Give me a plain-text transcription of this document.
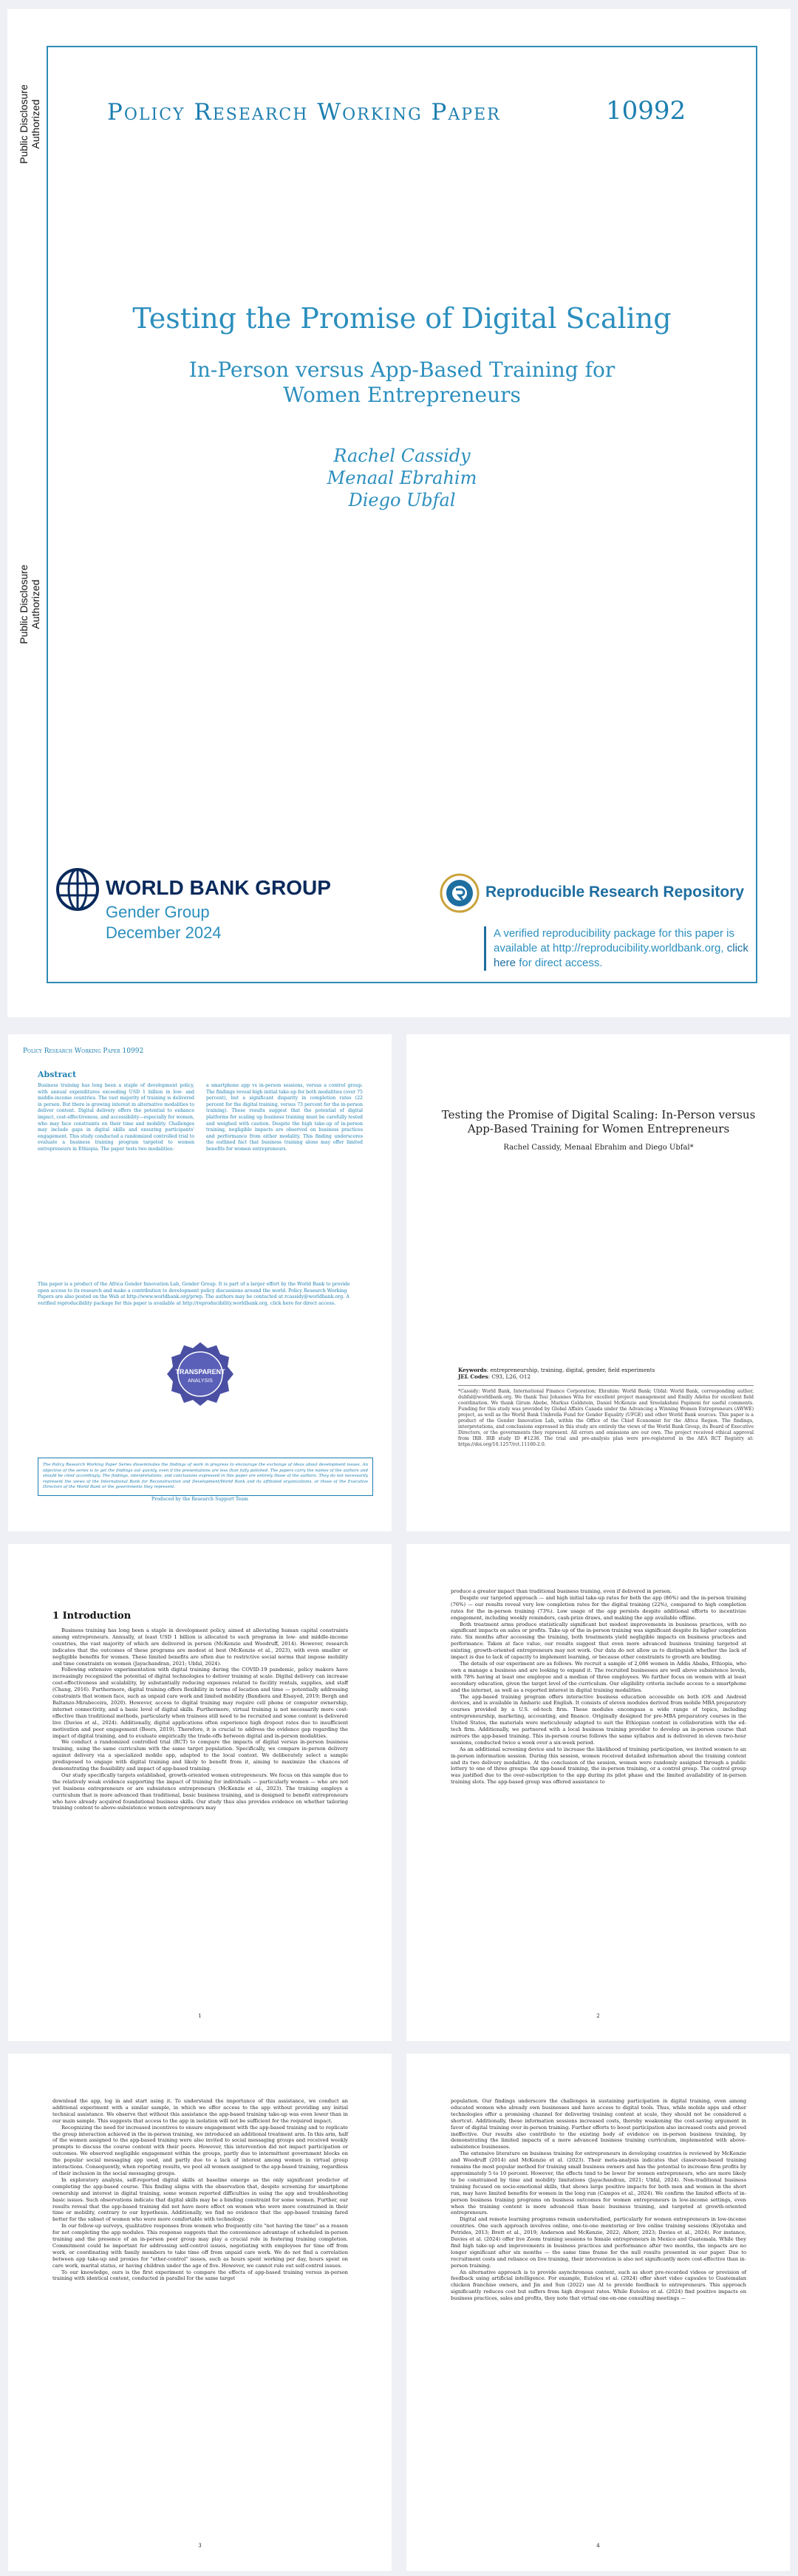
Public Disclosure Authorized
Public Disclosure Authorized
Policy Research Working Paper	10992
Testing the Promise of Digital Scaling
In-Person versus App-Based Training for Women Entrepreneurs
Rachel Cassidy
Menaal Ebrahim
Diego Ubfal
WORLD BANK GROUP
Gender Group
December 2024
Reproducible Research Repository
A verified reproducibility package for this paper is available at http://reproducibility.worldbank.org, click here for direct access.
Policy Research Working Paper 10992
Abstract
Business training has long been a staple of development policy, with annual expenditures exceeding USD 1 billion in low- and middle-income countries. The vast majority of training is delivered in person. But there is growing interest in alternative modalities to deliver content. Digital delivery offers the potential to enhance impact, cost-effectiveness, and accessibility—especially for women, who may face constraints on their time and mobility. Challenges may include gaps in digital skills and ensuring participants' engagement. This study conducted a randomized controlled trial to evaluate a business training program targeted to women entrepreneurs in Ethiopia. The paper tests two modalities:
a smartphone app vs in-person sessions, versus a control group. The findings reveal high initial take-up for both modalities (over 75 percent), but a significant disparity in completion rates (22 percent for the digital training, versus 73 percent for the in-person training). These results suggest that the potential of digital platforms for scaling up business training must be carefully tested and weighed with caution. Despite the high take-up of in-person training, negligible impacts are observed on business practices and performance from either modality. This finding underscores the outlined fact that business training alone may offer limited benefits for women entrepreneurs.
This paper is a product of the Africa Gender Innovation Lab, Gender Group. It is part of a larger effort by the World Bank to provide open access to its research and make a contribution to development policy discussions around the world. Policy Research Working Papers are also posted on the Web at http://www.worldbank.org/prwp. The authors may be contacted at rcassidy@worldbank.org. A verified reproducibility package for this paper is available at http://reproducibility.worldbank.org, click here for direct access.
TRANSPARENT
ANALYSIS
The Policy Research Working Paper Series disseminates the findings of work in progress to encourage the exchange of ideas about development issues. An objective of the series is to get the findings out quickly, even if the presentations are less than fully polished. The papers carry the names of the authors and should be cited accordingly. The findings, interpretations, and conclusions expressed in this paper are entirely those of the authors. They do not necessarily represent the views of the International Bank for Reconstruction and Development/World Bank and its affiliated organizations, or those of the Executive Directors of the World Bank or the governments they represent.
Produced by the Research Support Team
Testing the Promise of Digital Scaling: In-Person versus App-Based Training for Women Entrepreneurs
Rachel Cassidy, Menaal Ebrahim and Diego Ubfal*
Keywords: entrepreneurship, training, digital, gender, field experiments
JEL Codes: C93, L26, O12
*Cassidy: World Bank, International Finance Corporation; Ebrahim: World Bank; Ubfal: World Bank, corresponding author, dubfal@worldbank.org. We thank Tsui Johannes Wita for excellent project management and Emilly Adelus for excellent field coordination. We thank Girum Abebe, Markus Goldstein, Daniel McKenzie and Sreelakshmi Papineni for useful comments. Funding for this study was provided by Global Affairs Canada under the Advancing a Winning Women Entrepreneurs (AWWE) project, as well as the World Bank Umbrella Fund for Gender Equality (UFGE) and other World Bank sources. This paper is a product of the Gender Innovation Lab, within the Office of the Chief Economist for the Africa Region. The findings, interpretations, and conclusions expressed in this study are entirely the views of the World Bank Group, its Board of Executive Directors, or the governments they represent. All errors and omissions are our own. The project received ethical approval from IRB. IRB study ID #1238. The trial and pre-analysis plan were pre-registered in the AEA RCT Registry at: https://doi.org/10.1257/rct.11160-2.0.
1 Introduction

Business training has long been a staple in development policy, aimed at alleviating human capital constraints among entrepreneurs. Annually, at least USD 1 billion is allocated to such programs in low- and middle-income countries, the vast majority of which are delivered in person (McKenzie and Woodruff, 2014). However, research indicates that the outcomes of these programs are modest at best (McKenzie et al., 2023), with even smaller or negligible benefits for women. These limited benefits are often due to restrictive social norms that impose mobility and time constraints on women (Jayachandran, 2021; Ubfal, 2024).

Following extensive experimentation with digital training during the COVID-19 pandemic, policy makers have increasingly recognized the potential of digital technologies to deliver training at scale. Digital delivery can increase cost-effectiveness and scalability, by substantially reducing expenses related to facility rentals, supplies, and staff (Chang, 2016). Furthermore, digital training offers flexibility in terms of location and time — potentially addressing constraints that women face, such as unpaid care work and limited mobility (Bandiera and Elsayed, 2019; Bergh and Baltanzo-Mirabeceira, 2020). However, access to digital training may require cell phone or computer ownership, internet connectivity, and a basic level of digital skills. Furthermore, virtual training is not necessarily more cost-effective than traditional methods, particularly when trainees still need to be recruited and some content is delivered live (Davies et al., 2024). Additionally, digital applications often experience high dropout rates due to insufficient motivation and peer engagement (Beers, 2019). Therefore, it is crucial to address the evidence gap regarding the impact of digital training, and to evaluate empirically the trade-offs between digital and in-person modalities.

We conduct a randomized controlled trial (RCT) to compare the impacts of digital versus in-person business training, using the same curriculum with the same target population. Specifically, we compare in-person delivery against delivery via a specialized mobile app, adapted to the local context. We deliberately select a sample predisposed to engage with digital training and likely to benefit from it, aiming to maximize the chances of demonstrating the feasibility and impact of app-based training.

Our study specifically targets established, growth-oriented women entrepreneurs. We focus on this sample due to the relatively weak evidence supporting the impact of training for individuals — particularly women — who are not yet business entrepreneurs or are subsistence entrepreneurs (McKenzie et al., 2023). The training employs a curriculum that is more advanced than traditional, basic business training, and is designed to benefit entrepreneurs who have already acquired foundational business skills. Our study thus also provides evidence on whether tailoring training content to above-subsistence women entrepreneurs may

1

produce a greater impact than traditional business training, even if delivered in person.

Despite our targeted approach — and high initial take-up rates for both the app (86%) and the in-person training (76%) — our results reveal very low completion rates for the digital training (22%), compared to high completion rates for the in-person training (73%). Low usage of the app persists despite additional efforts to incentivize engagement, including weekly reminders, cash-prize draws, and making the app available offline.

Both treatment arms produce statistically significant but modest improvements in business practices, with no significant impacts on sales or profits. Take-up of the in-person training was significant despite its higher completion rate. Six months after accessing the training, both treatments yield negligible impacts on business practices and performance. Taken at face value, our results suggest that even more advanced business training targeted at existing, growth-oriented entrepreneurs may not work. Our data do not allow us to distinguish whether the lack of impact is due to lack of capacity to implement learning, or because other constraints to growth are binding.

The details of our experiment are as follows. We recruit a sample of 2,086 women in Addis Ababa, Ethiopia, who own a manage a business and are looking to expand it. The recruited businesses are well above subsistence levels, with 78% having at least one employee and a median of three employees. We further focus on women with at least secondary education, given the target level of the curriculum. Our eligibility criteria include access to a smartphone and the internet, as well as a reported interest in digital training modalities.

The app-based training program offers interactive business education accessible on both iOS and Android devices, and is available in Amharic and English. It consists of eleven modules derived from mobile MBA preparatory courses provided by a U.S. ed-tech firm. These modules encompass a wide range of topics, including entrepreneurship, marketing, accounting, and finance. Originally designed for pre-MBA preparatory courses in the United States, the materials were meticulously adapted to suit the Ethiopian context in collaboration with the ed-tech firm. Additionally, we partnered with a local business training provider to develop an in-person course that mirrors the app-based training. This in-person course follows the same syllabus and is delivered in eleven two-hour sessions, conducted twice a week over a six-week period.

As an additional screening device and to increase the likelihood of training participation, we invited women to an in-person information session. During this session, women received detailed information about the training content and its two delivery modalities. At the conclusion of the session, women were randomly assigned through a public lottery to one of three groups: the app-based training, the in-person training, or a control group. The control group was justified due to the over-subscription to the app during its pilot phase and the limited availability of in-person training slots. The app-based group was offered assistance to

2

download the app, log in and start using it. To understand the importance of this assistance, we conduct an additional experiment with a similar sample, in which we offer access to the app without providing any initial technical assistance. We observe that without this assistance the app-based training take-up was even lower than in our main sample. This suggests that access to the app in isolation will not be sufficient for the required impact.

Recognizing the need for increased incentives to ensure engagement with the app-based training and to replicate the group interaction achieved in the in-person training, we introduced an additional treatment arm. In this arm, half of the women assigned to the app-based training were also invited to social messaging groups and received weekly prompts to discuss the course content with their peers. However, this intervention did not impact participation or outcomes. We observed negligible engagement within the groups, partly due to intermittent government blocks on the popular social messaging app used, and partly due to a lack of interest among women in virtual group interactions. Consequently, when reporting results, we pool all women assigned to the app-based training, regardless of their inclusion in the social messaging groups.

In exploratory analysis, self-reported digital skills at baseline emerge as the only significant predictor of completing the app-based course. This finding aligns with the observation that, despite screening for smartphone ownership and interest in digital training, some women reported difficulties in using the app and troubleshooting basic issues. Such observations indicate that digital skills may be a binding constraint for some women. Further, our results reveal that the app-based training did not have more effect on women who were more constrained in their time or mobility, contrary to our hypothesis. Additionally, we find no evidence that the app-based training fared better for the subset of women who were more comfortable with technology.

In our follow-up surveys, qualitative responses from women who frequently cite "not having the time" as a reason for not completing the app modules. This response suggests that the convenience advantage of scheduled in-person training and the presence of an in-person peer group may play a crucial role in fostering training completion. Commitment could be important for addressing self-control issues, negotiating with employees for time off from work, or coordinating with family members to take time off from unpaid care work. We do not find a correlation between app take-up and proxies for "other-control" issues, such as hours spent working per day, hours spent on care work, marital status, or having children under the age of five. However, we cannot rule out self-control issues.

To our knowledge, ours is the first experiment to compare the effects of app-based training versus in-person training with identical content, conducted in parallel for the same target

3

population. Our findings underscore the challenges in sustaining participation in digital training, even among educated women who already own businesses and have access to digital tools. Thus, while mobile apps and other technologies offer a promising channel for delivering training content at scale, they should not be considered a shortcut. Additionally, these information sessions increased costs, thereby weakening the cost-saving argument in favor of digital training over in-person training. Further efforts to boost participation also increased costs and proved ineffective. Our results also contribute to the existing body of evidence on in-person business training, by demonstrating the limited impacts of a more advanced business training curriculum, implemented with above-subsistence businesses.

The extensive literature on business training for entrepreneurs in developing countries is reviewed by McKenzie and Woodruff (2014) and McKenzie et al. (2023). Their meta-analysis indicates that classroom-based training remains the most popular method for training small business owners and has the potential to increase firm profits by approximately 5 to 10 percent. However, the effects tend to be lower for women entrepreneurs, who are more likely to be constrained by time and mobility limitations (Jayachandran, 2021; Ubfal, 2024). Non-traditional business training focused on socio-emotional skills, that shows large positive impacts for both men and women in the short run, may have limited benefits for women in the long run (Campos et al., 2024). We confirm the limited effects of in-person business training programs on business outcomes for women entrepreneurs in low-income settings, even when the training content is more advanced than basic business training, and targeted at growth-oriented entrepreneurs.

Digital and remote learning programs remain understudied, particularly for women entrepreneurs in low-income countries. One such approach involves online, one-to-one mentoring or live online training sessions (Kiyotaka and Petrides, 2013; Brett et al., 2019; Anderson and McKenzie, 2022; Alhorr, 2023; Davies et al., 2024). For instance, Davies et al. (2024) offer live Zoom training sessions to female entrepreneurs in Mexico and Guatemala. While they find high take-up and improvements in business practices and performance after two months, the impacts are no longer significant after six months — the same time frame for the null results presented in our paper. Due to recruitment costs and reliance on live training, their intervention is also not significantly more cost-effective than in-person training.

An alternative approach is to provide asynchronous content, such as short pre-recorded videos or provision of feedback using artificial intelligence. For example, Eutelou et al. (2024) offer short video capsules to Guatemalan chicken franchise owners, and Jin and Sun (2022) use AI to provide feedback to entrepreneurs. This approach significantly reduces cost but suffers from high dropout rates. While Eutelou et al. (2024) find positive impacts on business practices, sales and profits, they note that virtual one-on-one consulting meetings —

4
